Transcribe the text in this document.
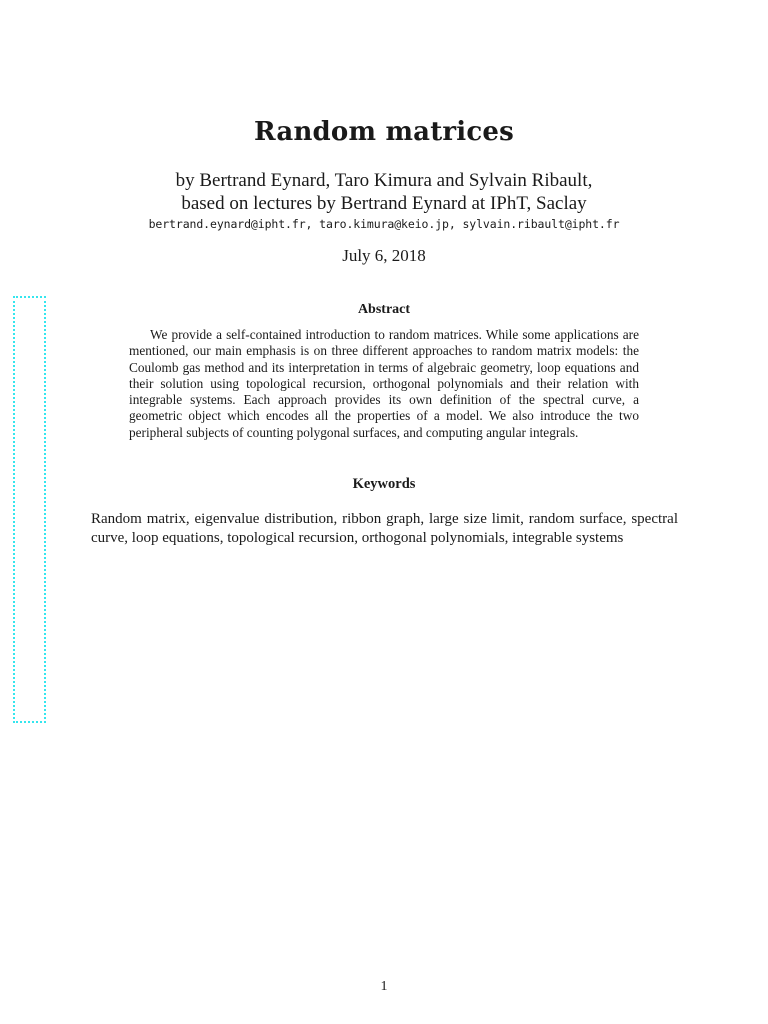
Random matrices
by Bertrand Eynard, Taro Kimura and Sylvain Ribault,
based on lectures by Bertrand Eynard at IPhT, Saclay
bertrand.eynard@ipht.fr, taro.kimura@keio.jp, sylvain.ribault@ipht.fr
July 6, 2018
Abstract
We provide a self-contained introduction to random matrices. While some applications are mentioned, our main emphasis is on three different approaches to random matrix models: the Coulomb gas method and its interpretation in terms of algebraic geometry, loop equations and their solution using topological recursion, orthogonal polynomials and their relation with integrable systems. Each approach provides its own definition of the spectral curve, a geometric object which encodes all the properties of a model. We also introduce the two peripheral subjects of counting polygonal surfaces, and computing angular integrals.
Keywords
Random matrix, eigenvalue distribution, ribbon graph, large size limit, random surface, spectral curve, loop equations, topological recursion, orthogonal polynomials, integrable systems
1
